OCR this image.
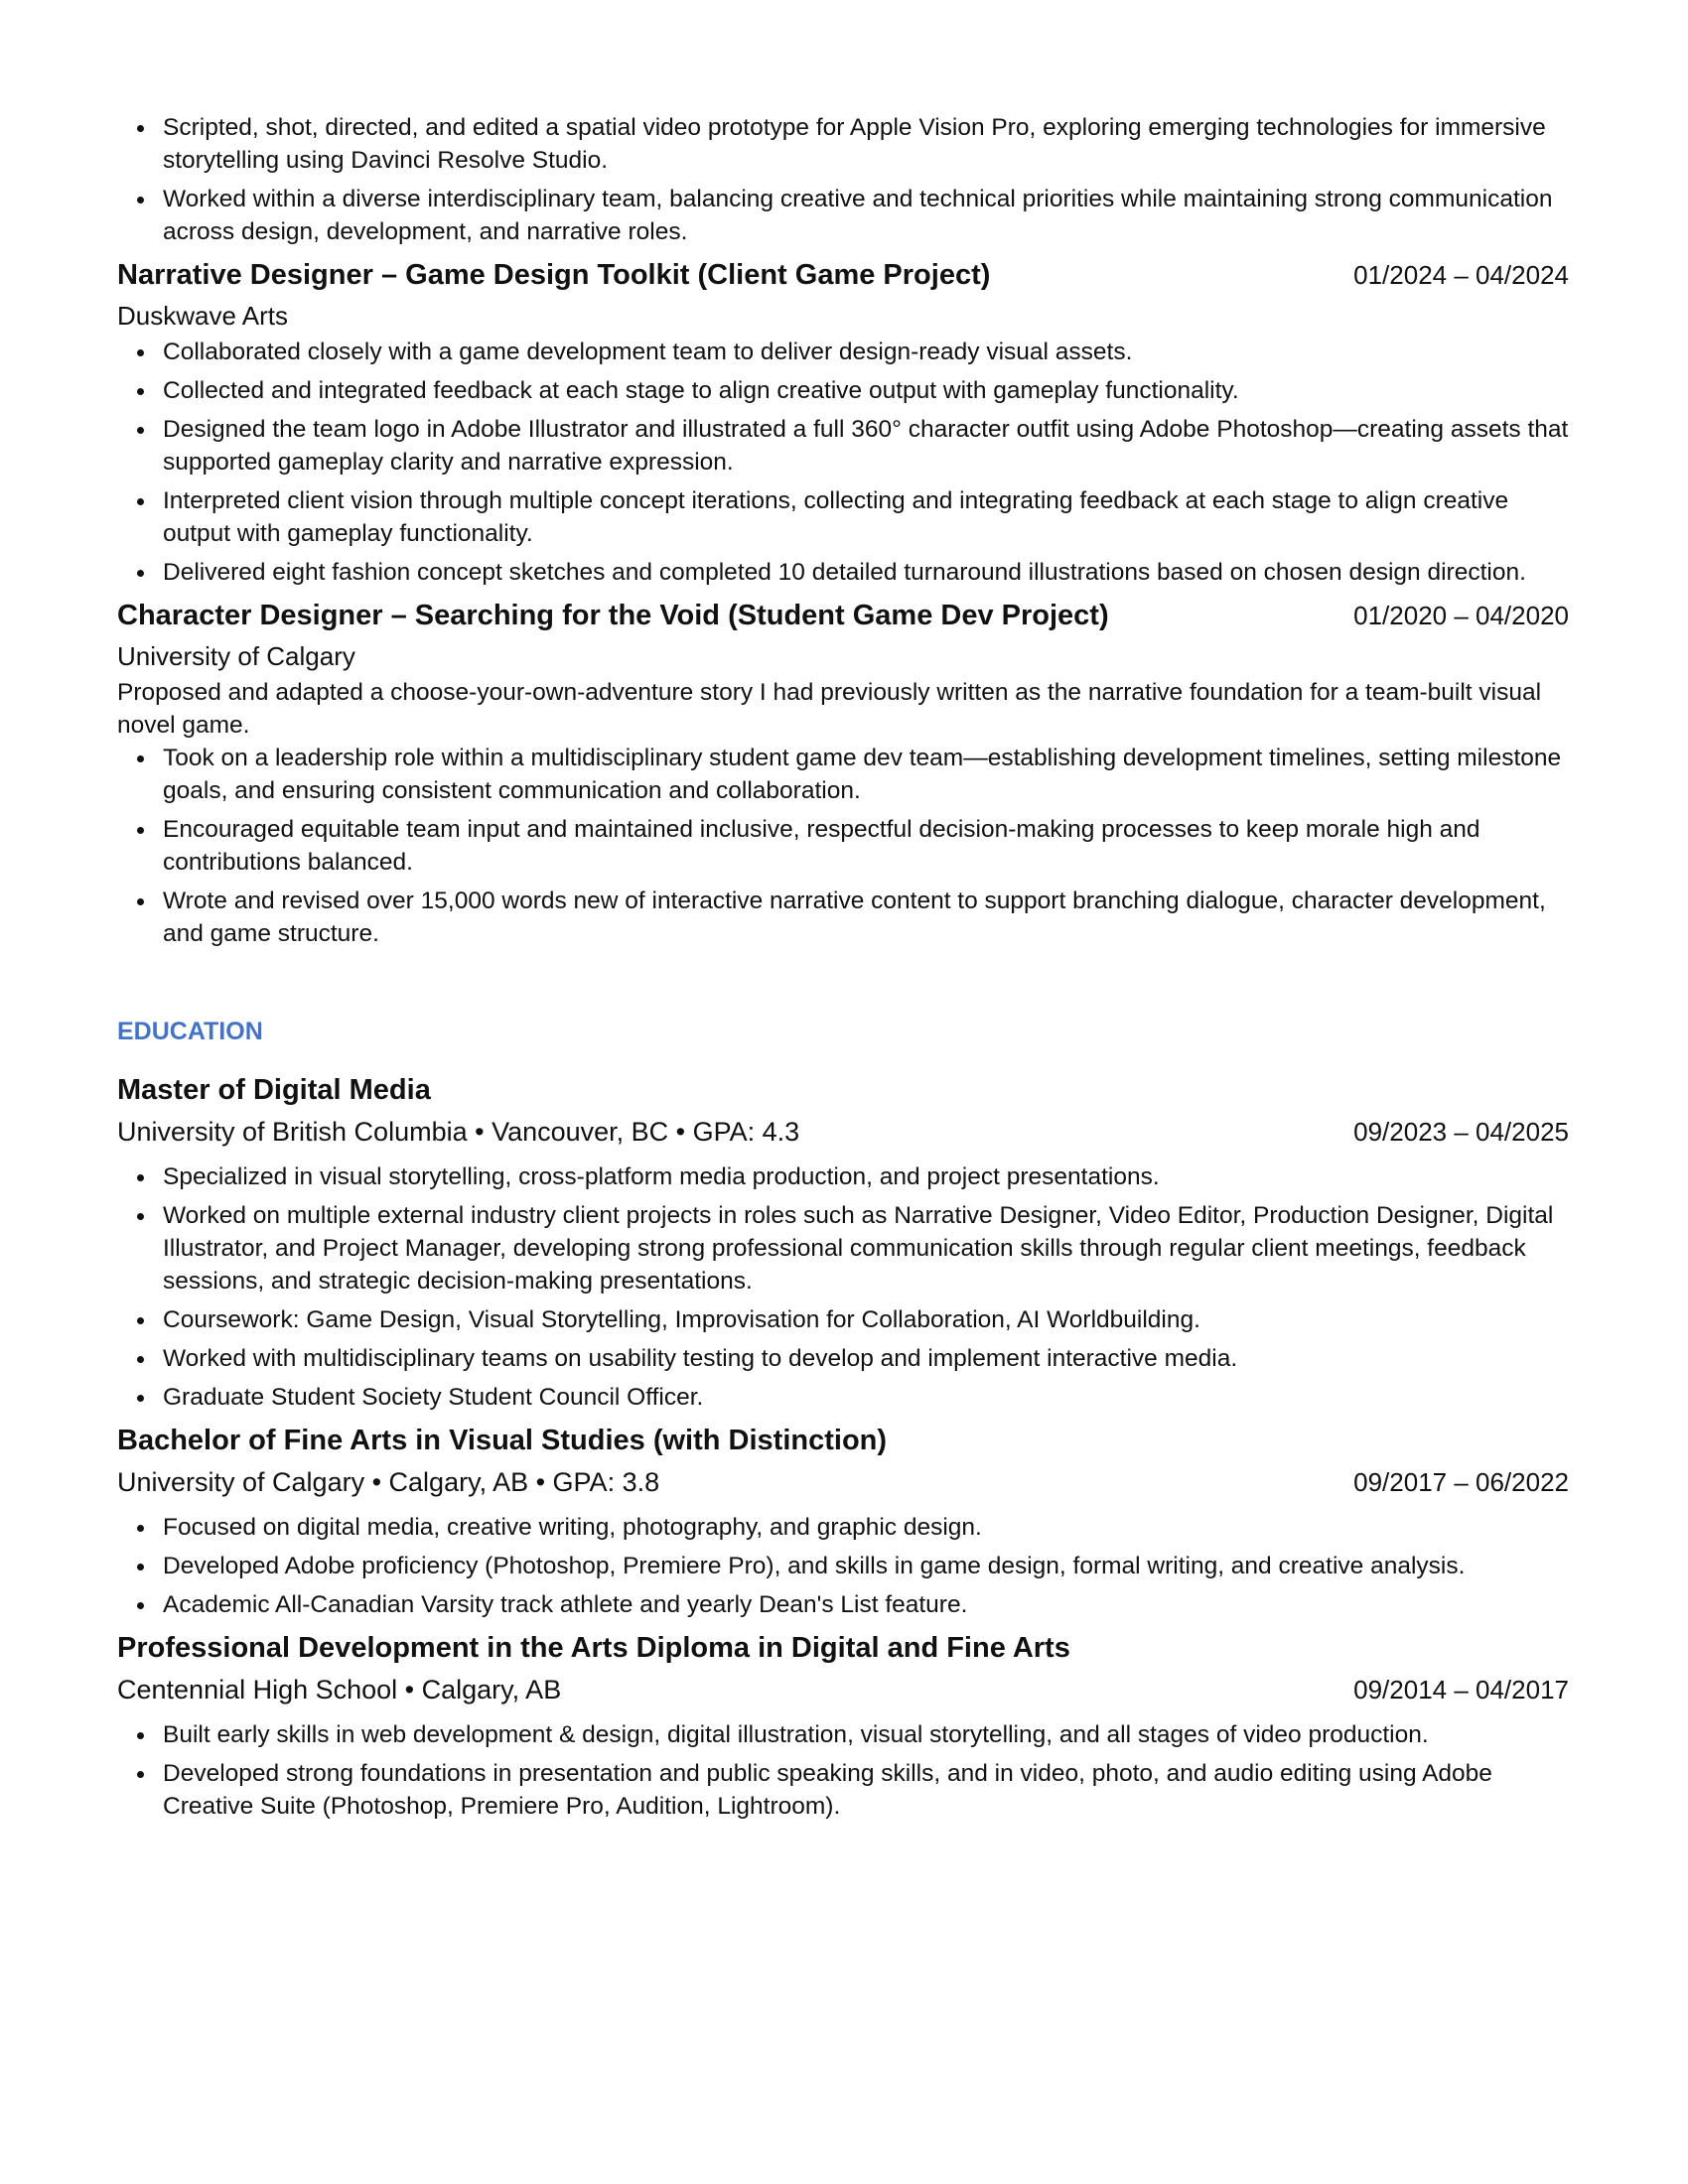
Scripted, shot, directed, and edited a spatial video prototype for Apple Vision Pro, exploring emerging technologies for immersive storytelling using Davinci Resolve Studio.
Worked within a diverse interdisciplinary team, balancing creative and technical priorities while maintaining strong communication across design, development, and narrative roles.
Narrative Designer – Game Design Toolkit (Client Game Project)	01/2024 – 04/2024
Duskwave Arts
Collaborated closely with a game development team to deliver design-ready visual assets.
Collected and integrated feedback at each stage to align creative output with gameplay functionality.
Designed the team logo in Adobe Illustrator and illustrated a full 360° character outfit using Adobe Photoshop—creating assets that supported gameplay clarity and narrative expression.
Interpreted client vision through multiple concept iterations, collecting and integrating feedback at each stage to align creative output with gameplay functionality.
Delivered eight fashion concept sketches and completed 10 detailed turnaround illustrations based on chosen design direction.
Character Designer – Searching for the Void (Student Game Dev Project)	01/2020 – 04/2020
University of Calgary

Proposed and adapted a choose-your-own-adventure story I had previously written as the narrative foundation for a team-built visual novel game.

Took on a leadership role within a multidisciplinary student game dev team—establishing development timelines, setting milestone goals, and ensuring consistent communication and collaboration.
Encouraged equitable team input and maintained inclusive, respectful decision-making processes to keep morale high and contributions balanced.
Wrote and revised over 15,000 words new of interactive narrative content to support branching dialogue, character development, and game structure.
EDUCATION
Master of Digital Media
University of British Columbia • Vancouver, BC • GPA: 4.3	09/2023 – 04/2025
Specialized in visual storytelling, cross-platform media production, and project presentations.
Worked on multiple external industry client projects in roles such as Narrative Designer, Video Editor, Production Designer, Digital Illustrator, and Project Manager, developing strong professional communication skills through regular client meetings, feedback sessions, and strategic decision-making presentations.
Coursework: Game Design, Visual Storytelling, Improvisation for Collaboration, AI Worldbuilding.
Worked with multidisciplinary teams on usability testing to develop and implement interactive media.
Graduate Student Society Student Council Officer.
Bachelor of Fine Arts in Visual Studies (with Distinction)
University of Calgary • Calgary, AB • GPA: 3.8	09/2017 – 06/2022
Focused on digital media, creative writing, photography, and graphic design.
Developed Adobe proficiency (Photoshop, Premiere Pro), and skills in game design, formal writing, and creative analysis.
Academic All-Canadian Varsity track athlete and yearly Dean's List feature.
Professional Development in the Arts Diploma in Digital and Fine Arts
Centennial High School • Calgary, AB	09/2014 – 04/2017
Built early skills in web development & design, digital illustration, visual storytelling, and all stages of video production.
Developed strong foundations in presentation and public speaking skills, and in video, photo, and audio editing using Adobe Creative Suite (Photoshop, Premiere Pro, Audition, Lightroom).
